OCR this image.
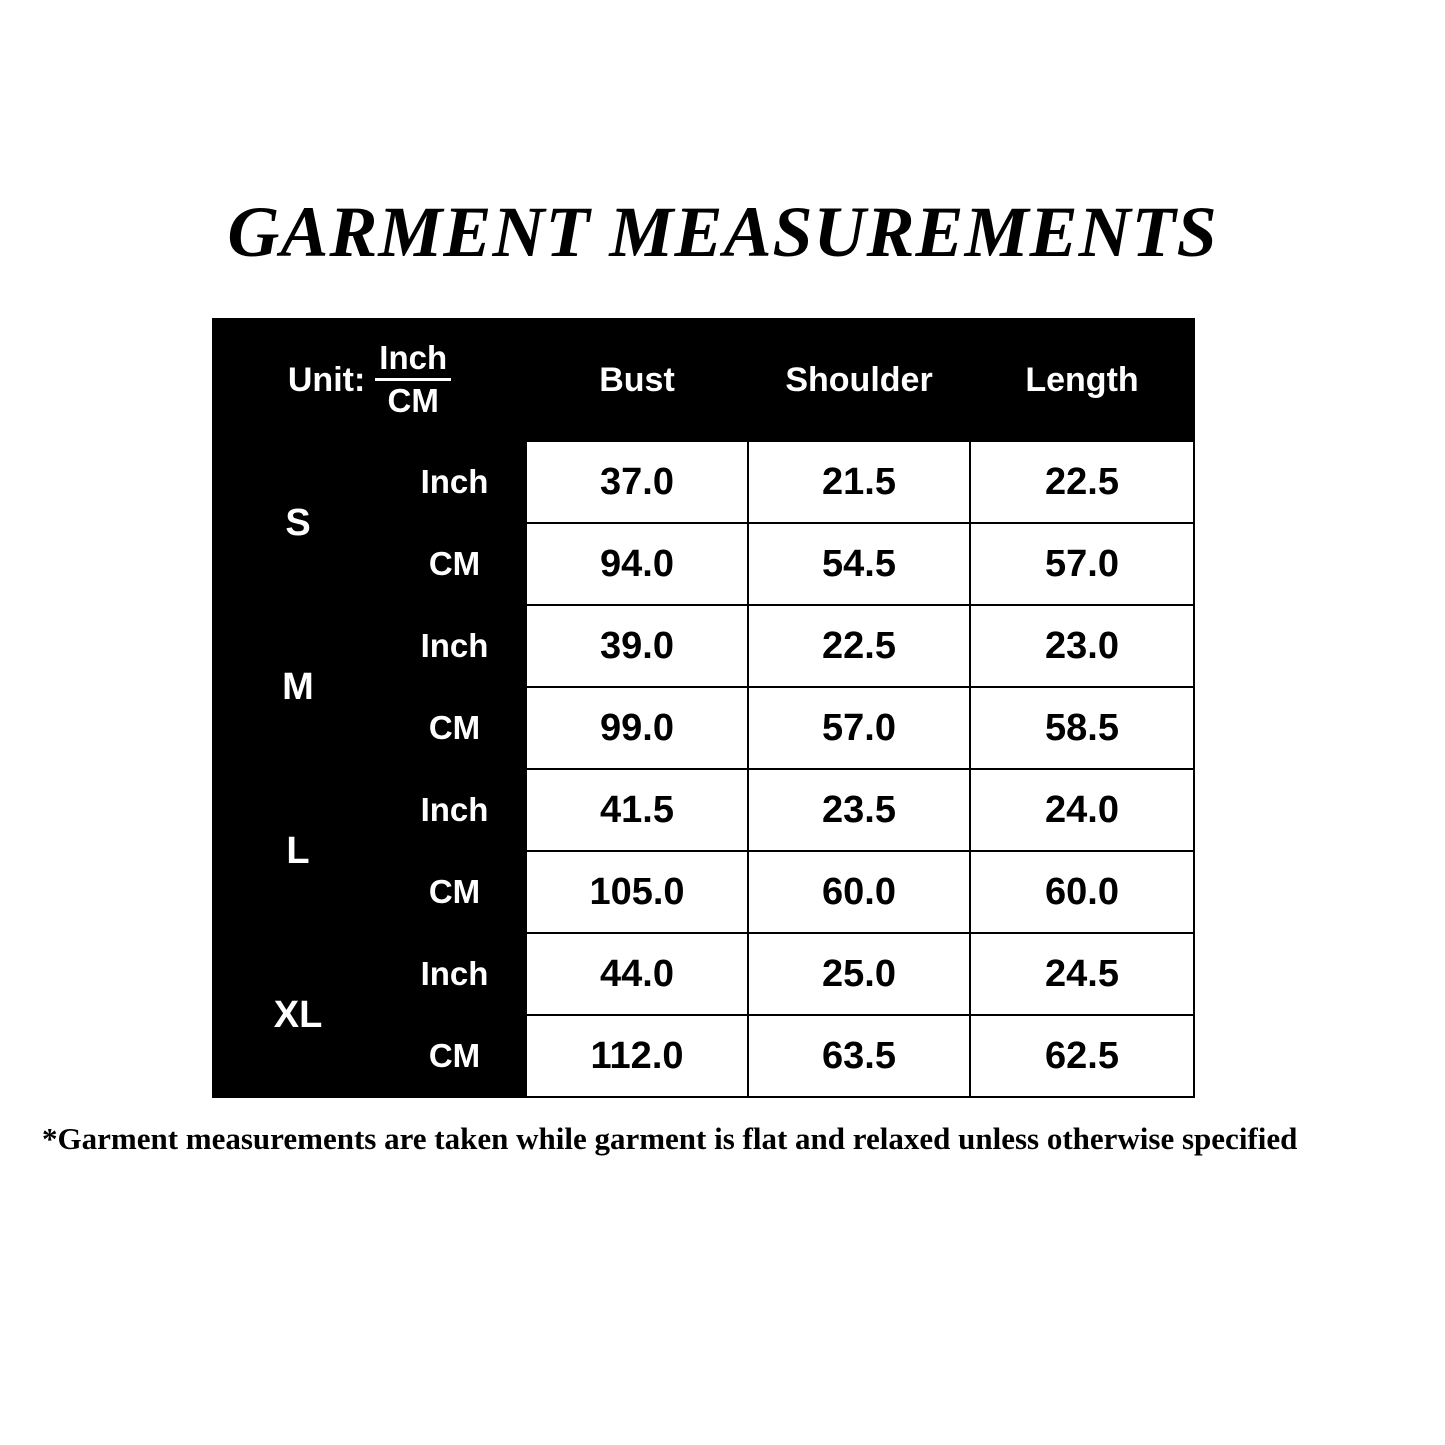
GARMENT MEASUREMENTS
Unit: $\frac{\text{Inch}}{CM}$		Bust	Shoulder	Length
S	Inch	37.0	21.5	22.5
	CM	94.0	54.5	57.0
M	Inch	39.0	22.5	23.0
	CM	99.0	57.0	58.5
L	Inch	41.5	23.5	24.0
	CM	105.0	60.0	60.0
XL	Inch	44.0	25.0	24.5
	CM	112.0	63.5	62.5
*Garment measurements are taken while garment is flat and relaxed unless otherwise specified
